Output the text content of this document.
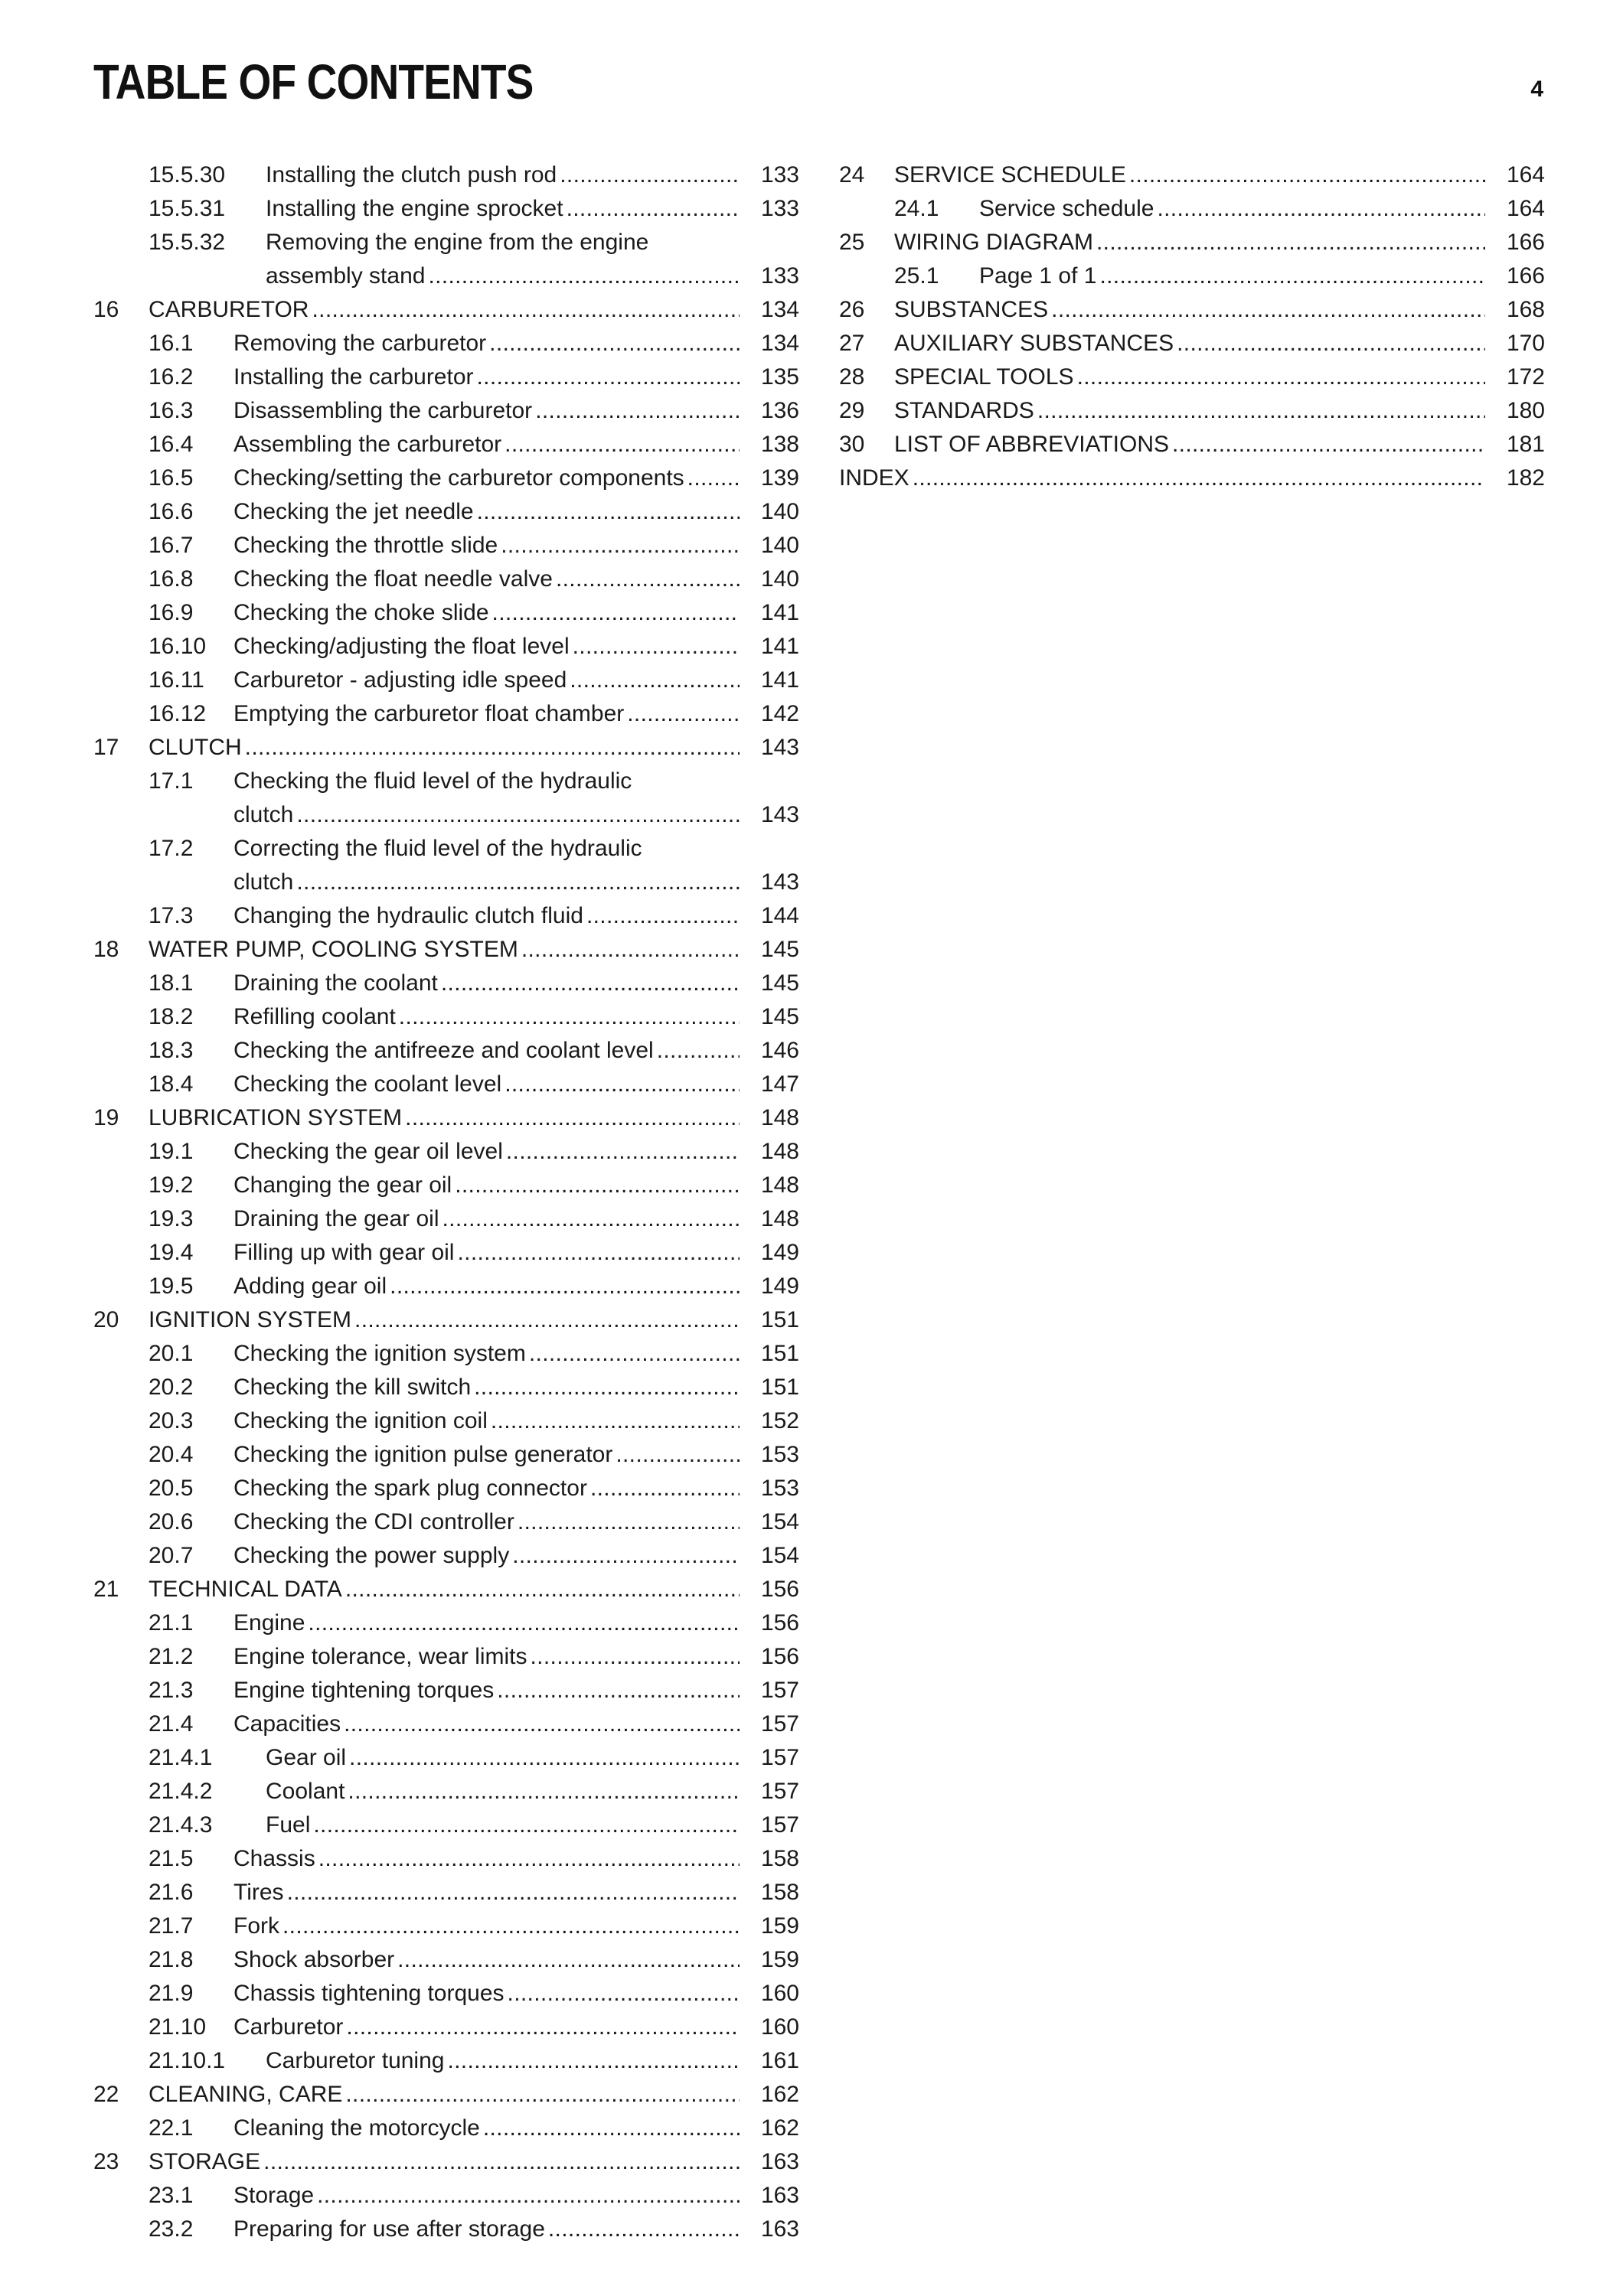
TABLE OF CONTENTS	4
15.5.30 Installing the clutch push rod . . .	133
15.5.31 Installing the engine sprocket . . .	133
15.5.32 Removing the engine from the engine
assembly stand . . .	133
16 CARBURETOR . . .	134
16.1 Removing the carburetor . . .	134
16.2 Installing the carburetor . . .	135
16.3 Disassembling the carburetor . . .	136
16.4 Assembling the carburetor . . .	138
16.5 Checking/setting the carburetor components . . .	139
16.6 Checking the jet needle . . .	140
16.7 Checking the throttle slide . . .	140
16.8 Checking the float needle valve . . .	140
16.9 Checking the choke slide . . .	141
16.10 Checking/adjusting the float level . . .	141
16.11 Carburetor - adjusting idle speed . . .	141
16.12 Emptying the carburetor float chamber . . .	142
17 CLUTCH . . .	143
17.1 Checking the fluid level of the hydraulic
clutch . . .	143
17.2 Correcting the fluid level of the hydraulic
clutch . . .	143
17.3 Changing the hydraulic clutch fluid . . .	144
18 WATER PUMP, COOLING SYSTEM . . .	145
18.1 Draining the coolant . . .	145
18.2 Refilling coolant . . .	145
18.3 Checking the antifreeze and coolant level . . .	146
18.4 Checking the coolant level . . .	147
19 LUBRICATION SYSTEM . . .	148
19.1 Checking the gear oil level . . .	148
19.2 Changing the gear oil . . .	148
19.3 Draining the gear oil . . .	148
19.4 Filling up with gear oil . . .	149
19.5 Adding gear oil . . .	149
20 IGNITION SYSTEM . . .	151
20.1 Checking the ignition system . . .	151
20.2 Checking the kill switch . . .	151
20.3 Checking the ignition coil . . .	152
20.4 Checking the ignition pulse generator . . .	153
20.5 Checking the spark plug connector . . .	153
20.6 Checking the CDI controller . . .	154
20.7 Checking the power supply . . .	154
21 TECHNICAL DATA . . .	156
21.1 Engine . . .	156
21.2 Engine tolerance, wear limits . . .	156
21.3 Engine tightening torques . . .	157
21.4 Capacities . . .	157
21.4.1 Gear oil . . .	157
21.4.2 Coolant . . .	157
21.4.3 Fuel . . .	157
21.5 Chassis . . .	158
21.6 Tires . . .	158
21.7 Fork . . .	159
21.8 Shock absorber . . .	159
21.9 Chassis tightening torques . . .	160
21.10 Carburetor . . .	160
21.10.1 Carburetor tuning . . .	161
22 CLEANING, CARE . . .	162
22.1 Cleaning the motorcycle . . .	162
23 STORAGE . . .	163
23.1 Storage . . .	163
23.2 Preparing for use after storage . . .	163
24 SERVICE SCHEDULE . . .	164
24.1 Service schedule . . .	164
25 WIRING DIAGRAM . . .	166
25.1 Page 1 of 1 . . .	166
26 SUBSTANCES . . .	168
27 AUXILIARY SUBSTANCES . . .	170
28 SPECIAL TOOLS . . .	172
29 STANDARDS . . .	180
30 LIST OF ABBREVIATIONS . . .	181
INDEX . . .	182
